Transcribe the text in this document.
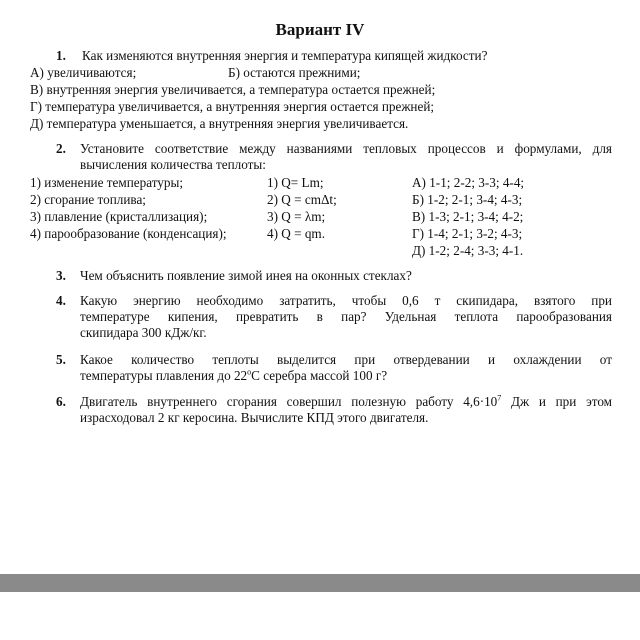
Вариант IV
1. Как изменяются внутренняя энергия и температура кипящей жидкости?
А) увеличиваются;	Б) остаются прежними;
В) внутренняя энергия увеличивается, а температура остается прежней;
Г) температура увеличивается, а внутренняя энергия остается прежней;
Д) температура уменьшается, а внутренняя энергия увеличивается.
2. Установите соответствие между названиями тепловых процессов и формулами, для
вычисления количества теплоты:
1) изменение температуры;
2) сгорание топлива;
3) плавление (кристаллизация);
4) парообразование (конденсация);
1) Q= Lm;
2) Q = cmΔt;
3) Q = λm;
4) Q = qm.
А) 1-1; 2-2; 3-3; 4-4;
Б) 1-2; 2-1; 3-4; 4-3;
В) 1-3; 2-1; 3-4; 4-2;
Г) 1-4; 2-1; 3-2; 4-3;
Д) 1-2; 2-4; 3-3; 4-1.
3. Чем объяснить появление зимой инея на оконных стеклах?
4. Какую энергию необходимо затратить, чтобы 0,6 т скипидара, взятого при
температуре кипения, превратить в пар? Удельная теплота парообразования
скипидара 300 кДж/кг.
5. Какое количество теплоты выделится при отвердевании и охлаждении от
температуры плавления до $22^оС$ серебра массой 100 г?
6. Двигатель внутреннего сгорания совершил полезную работу $4,6\cdot 10^7$ Дж и при этом
израсходовал 2 кг керосина. Вычислите КПД этого двигателя.
